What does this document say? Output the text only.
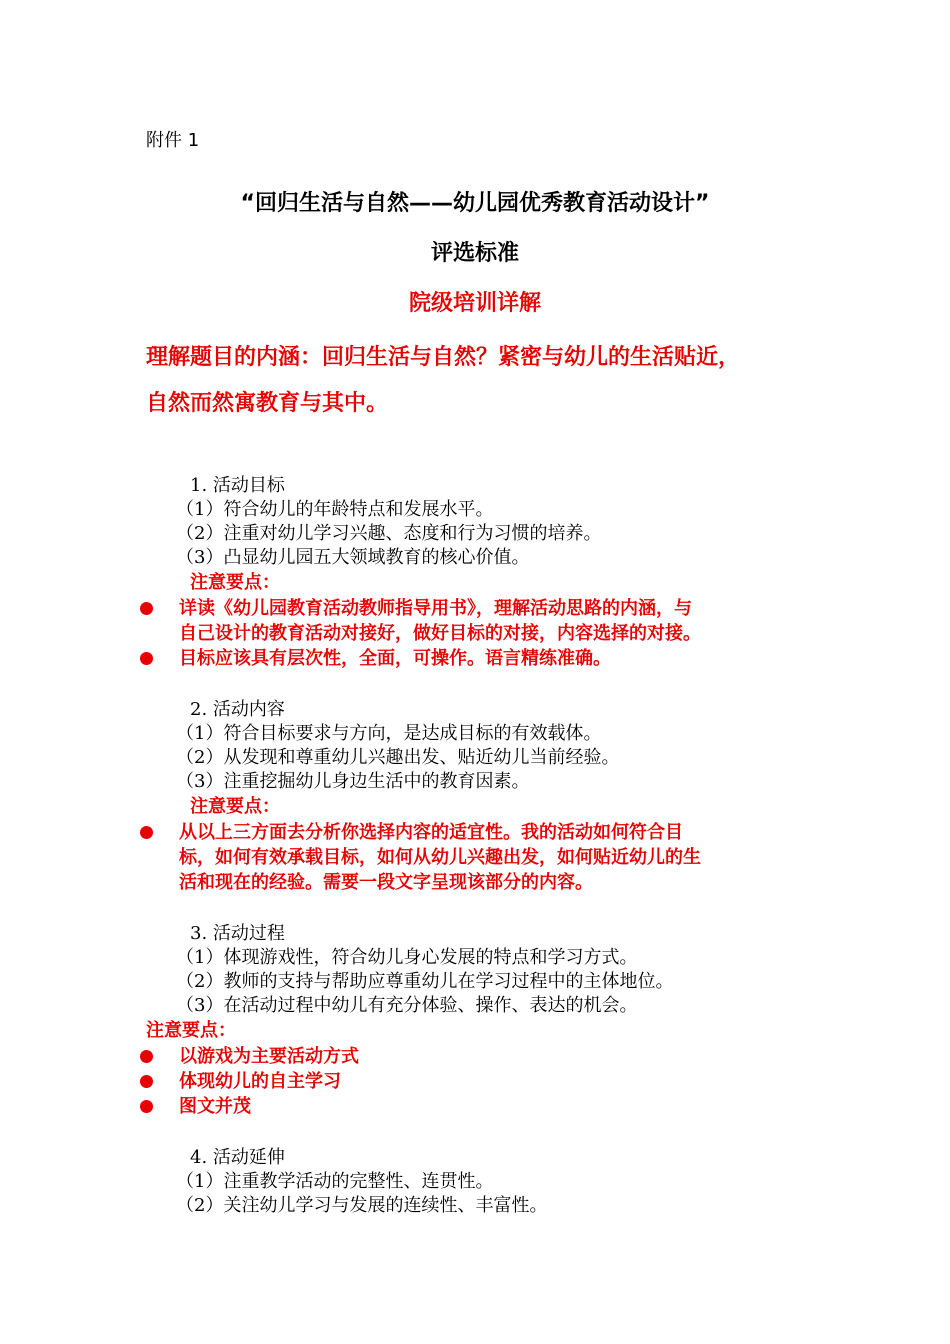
附件 1
“回归生活与自然——幼儿园优秀教育活动设计”
评选标准
院级培训详解
理解题目的内涵：回归生活与自然？紧密与幼儿的生活贴近，
自然而然寓教育与其中。
1. 活动目标
（1）符合幼儿的年龄特点和发展水平。
（2）注重对幼儿学习兴趣、态度和行为习惯的培养。
（3）凸显幼儿园五大领域教育的核心价值。
注意要点：
详读《幼儿园教育活动教师指导用书》，理解活动思路的内涵，与
自己设计的教育活动对接好，做好目标的对接，内容选择的对接。
目标应该具有层次性，全面，可操作。语言精练准确。
2. 活动内容
（1）符合目标要求与方向，是达成目标的有效载体。
（2）从发现和尊重幼儿兴趣出发、贴近幼儿当前经验。
（3）注重挖掘幼儿身边生活中的教育因素。
注意要点：
从以上三方面去分析你选择内容的适宜性。我的活动如何符合目
标，如何有效承载目标，如何从幼儿兴趣出发，如何贴近幼儿的生
活和现在的经验。需要一段文字呈现该部分的内容。
3. 活动过程
（1）体现游戏性，符合幼儿身心发展的特点和学习方式。
（2）教师的支持与帮助应尊重幼儿在学习过程中的主体地位。
（3）在活动过程中幼儿有充分体验、操作、表达的机会。
注意要点：
以游戏为主要活动方式
体现幼儿的自主学习
图文并茂
4. 活动延伸
（1）注重教学活动的完整性、连贯性。
（2）关注幼儿学习与发展的连续性、丰富性。
